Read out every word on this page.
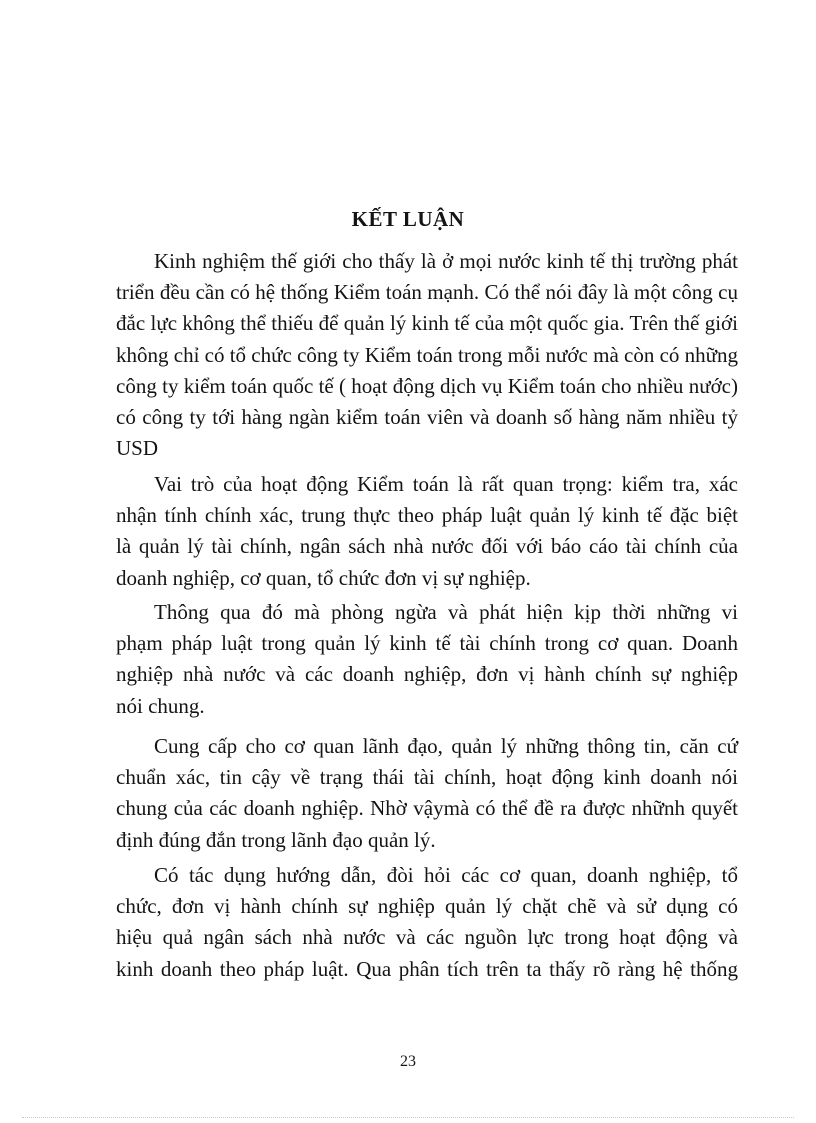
KẾT LUẬN
Kinh nghiệm thế giới cho thấy là ở mọi nước kinh tế thị trường phát
triển đều cần có hệ thống Kiểm toán mạnh. Có thể nói đây là một công cụ
đắc lực không thể thiếu để quản lý kinh tế của một quốc gia. Trên thế giới
không chỉ có tổ chức công ty Kiểm toán trong mỗi nước mà còn có những
công ty kiểm toán quốc tế ( hoạt động dịch vụ Kiểm toán cho nhiều nước)
có công ty tới hàng ngàn kiểm toán viên và doanh số hàng năm nhiều tỷ
USD
Vai trò của hoạt động Kiểm toán là rất quan trọng: kiểm tra, xác
nhận tính chính xác, trung thực theo pháp luật quản lý kinh tế đặc biệt
là quản lý tài chính, ngân sách nhà nước đối với báo cáo tài chính của
doanh nghiệp, cơ quan, tổ chức đơn vị sự nghiệp.
Thông qua đó mà phòng ngừa và phát hiện kịp thời những vi
phạm pháp luật trong quản lý kinh tế tài chính trong cơ quan. Doanh
nghiệp nhà nước và các doanh nghiệp, đơn vị hành chính sự nghiệp
nói chung.
Cung cấp cho cơ quan lãnh đạo, quản lý những thông tin, căn cứ
chuẩn xác, tin cậy về trạng thái tài chính, hoạt động kinh doanh nói
chung của các doanh nghiệp. Nhờ vậymà có thể đề ra được nhữnh quyết
định đúng đắn trong lãnh đạo quản lý.
Có tác dụng hướng dẫn, đòi hỏi các cơ quan, doanh nghiệp, tổ
chức, đơn vị hành chính sự nghiệp quản lý chặt chẽ và sử dụng có
hiệu quả ngân sách nhà nước và các nguồn lực trong hoạt động và
kinh doanh theo pháp luật. Qua phân tích trên ta thấy rõ ràng hệ thống
23
